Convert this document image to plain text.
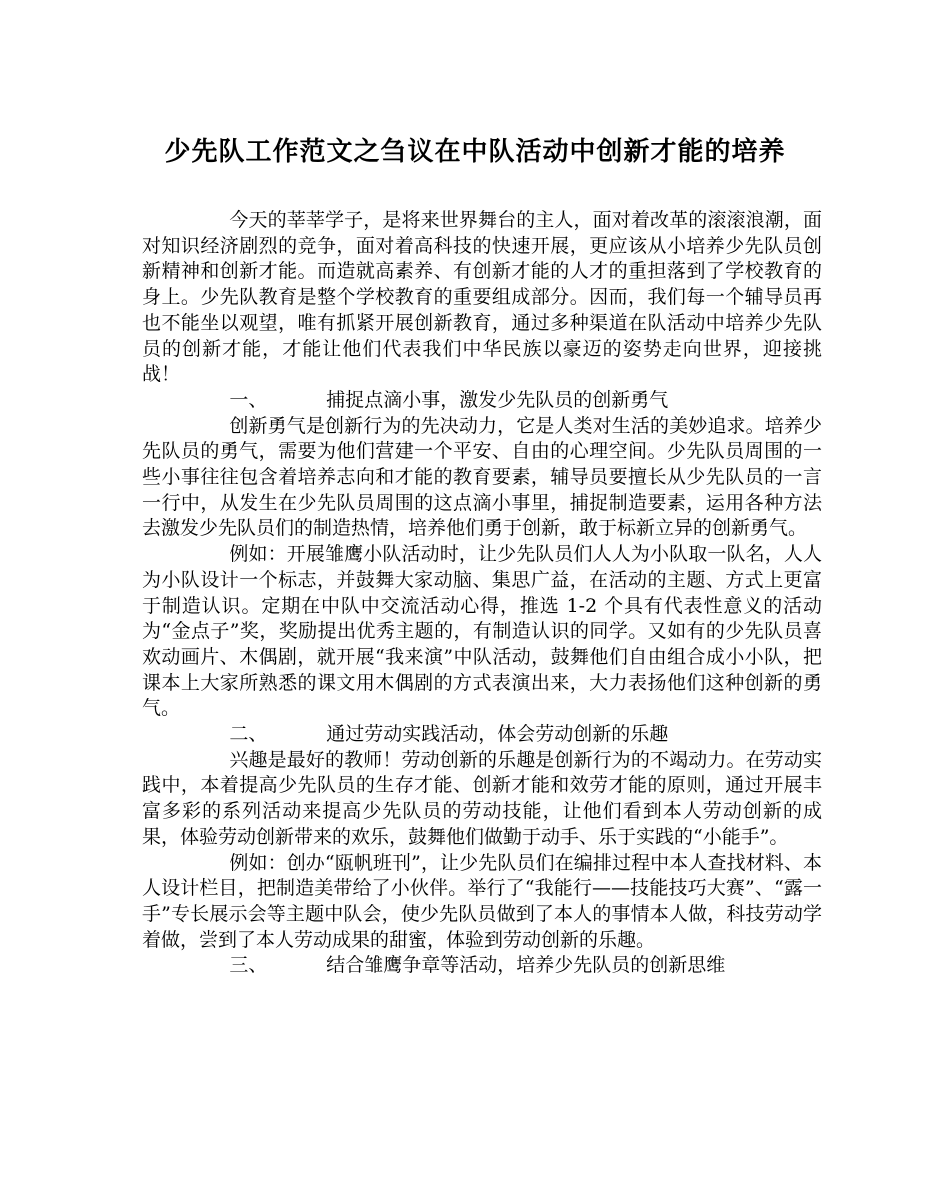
少先队工作范文之刍议在中队活动中创新才能的培养

今天的莘莘学子，是将来世界舞台的主人，面对着改革的滚滚浪潮，面对知识经济剧烈的竞争，面对着高科技的快速开展，更应该从小培养少先队员创新精神和创新才能。而造就高素养、有创新才能的人才的重担落到了学校教育的身上。少先队教育是整个学校教育的重要组成部分。因而，我们每一个辅导员再也不能坐以观望，唯有抓紧开展创新教育，通过多种渠道在队活动中培养少先队员的创新才能，才能让他们代表我们中华民族以豪迈的姿势走向世界，迎接挑战！

一、	捕捉点滴小事，激发少先队员的创新勇气

创新勇气是创新行为的先决动力，它是人类对生活的美妙追求。培养少先队员的勇气，需要为他们营建一个平安、自由的心理空间。少先队员周围的一些小事往往包含着培养志向和才能的教育要素，辅导员要擅长从少先队员的一言一行中，从发生在少先队员周围的这点滴小事里，捕捉制造要素，运用各种方法去激发少先队员们的制造热情，培养他们勇于创新，敢于标新立异的创新勇气。

例如：开展雏鹰小队活动时，让少先队员们人人为小队取一队名，人人为小队设计一个标志，并鼓舞大家动脑、集思广益，在活动的主题、方式上更富于制造认识。定期在中队中交流活动心得，推选 1-2 个具有代表性意义的活动为“金点子”奖，奖励提出优秀主题的，有制造认识的同学。又如有的少先队员喜欢动画片、木偶剧，就开展“我来演”中队活动，鼓舞他们自由组合成小小队，把课本上大家所熟悉的课文用木偶剧的方式表演出来，大力表扬他们这种创新的勇气。

二、	通过劳动实践活动，体会劳动创新的乐趣

兴趣是最好的教师！劳动创新的乐趣是创新行为的不竭动力。在劳动实践中，本着提高少先队员的生存才能、创新才能和效劳才能的原则，通过开展丰富多彩的系列活动来提高少先队员的劳动技能，让他们看到本人劳动创新的成果，体验劳动创新带来的欢乐，鼓舞他们做勤于动手、乐于实践的“小能手”。

例如：创办“瓯帆班刊”，让少先队员们在编排过程中本人查找材料、本人设计栏目，把制造美带给了小伙伴。举行了“我能行——技能技巧大赛”、“露一手”专长展示会等主题中队会，使少先队员做到了本人的事情本人做，科技劳动学着做，尝到了本人劳动成果的甜蜜，体验到劳动创新的乐趣。

三、	结合雏鹰争章等活动，培养少先队员的创新思维
